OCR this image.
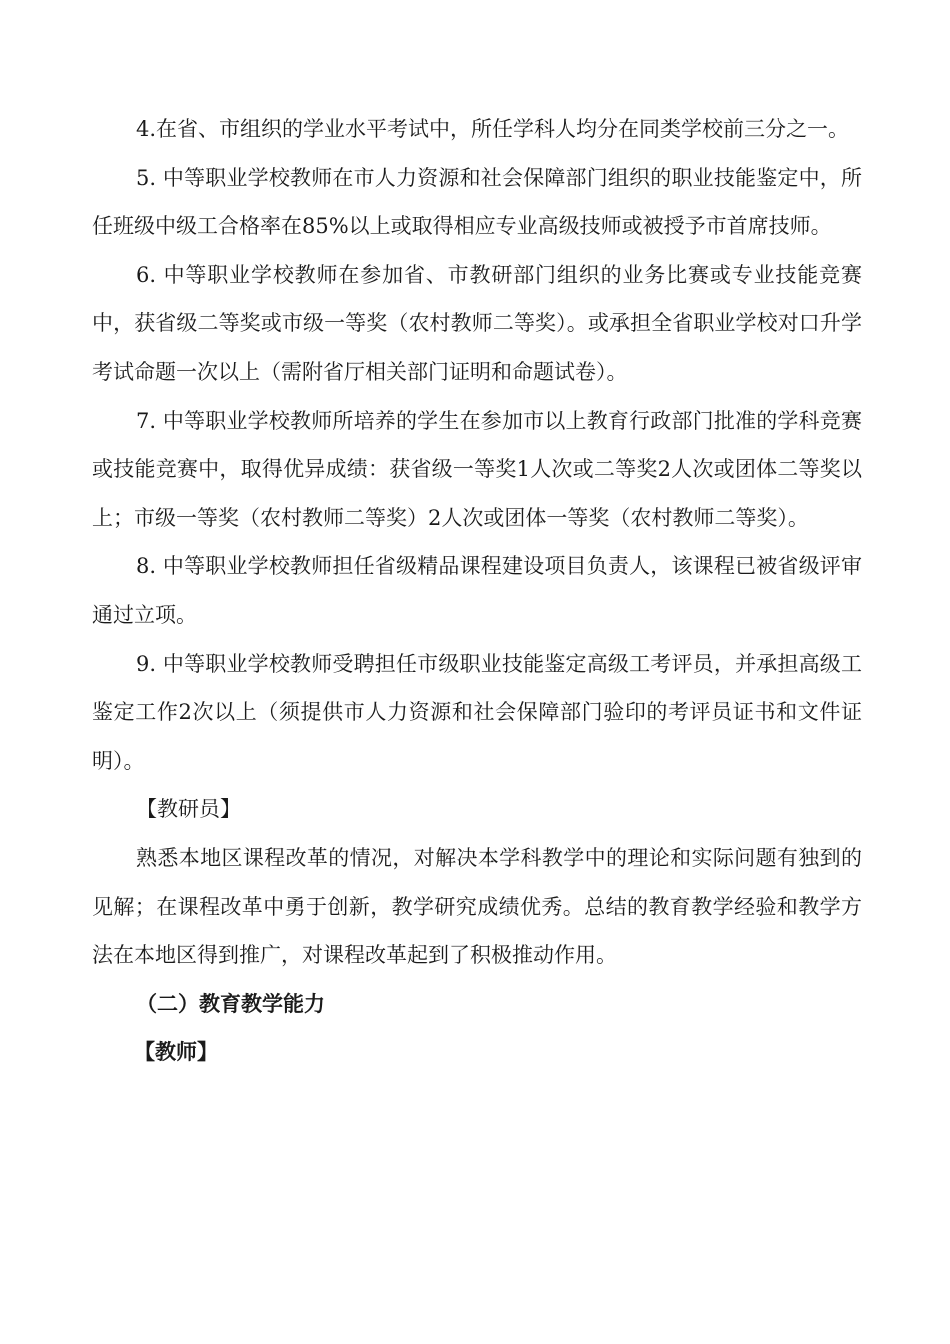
4.在省、市组织的学业水平考试中，所任学科人均分在同类学校前三分之一。

5. 中等职业学校教师在市人力资源和社会保障部门组织的职业技能鉴定中，所任班级中级工合格率在85%以上或取得相应专业高级技师或被授予市首席技师。

6. 中等职业学校教师在参加省、市教研部门组织的业务比赛或专业技能竞赛中，获省级二等奖或市级一等奖（农村教师二等奖）。或承担全省职业学校对口升学考试命题一次以上（需附省厅相关部门证明和命题试卷）。

7. 中等职业学校教师所培养的学生在参加市以上教育行政部门批准的学科竞赛或技能竞赛中，取得优异成绩：获省级一等奖1人次或二等奖2人次或团体二等奖以上；市级一等奖（农村教师二等奖）2人次或团体一等奖（农村教师二等奖）。

8. 中等职业学校教师担任省级精品课程建设项目负责人，该课程已被省级评审通过立项。

9. 中等职业学校教师受聘担任市级职业技能鉴定高级工考评员，并承担高级工鉴定工作2次以上（须提供市人力资源和社会保障部门验印的考评员证书和文件证明）。

【教研员】

熟悉本地区课程改革的情况，对解决本学科教学中的理论和实际问题有独到的见解；在课程改革中勇于创新，教学研究成绩优秀。总结的教育教学经验和教学方法在本地区得到推广，对课程改革起到了积极推动作用。

（二）教育教学能力

【教师】
